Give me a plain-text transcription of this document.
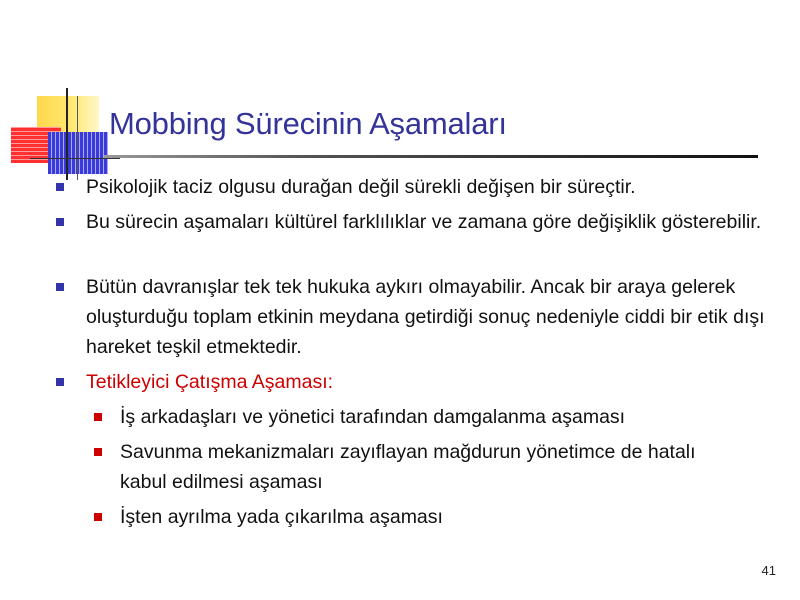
Mobbing Sürecinin Aşamaları
Psikolojik taciz olgusu durağan değil sürekli değişen bir süreçtir.
Bu sürecin aşamaları kültürel farklılıklar ve zamana göre değişiklik gösterebilir.
Bütün davranışlar tek tek hukuka aykırı olmayabilir. Ancak bir araya gelerek oluşturduğu toplam etkinin meydana getirdiği sonuç nedeniyle ciddi bir etik dışı hareket teşkil etmektedir.
Tetikleyici Çatışma Aşaması:
İş arkadaşları ve yönetici tarafından damgalanma aşaması
Savunma mekanizmaları zayıflayan mağdurun yönetimce de hatalı kabul edilmesi aşaması
İşten ayrılma yada çıkarılma aşaması
41
